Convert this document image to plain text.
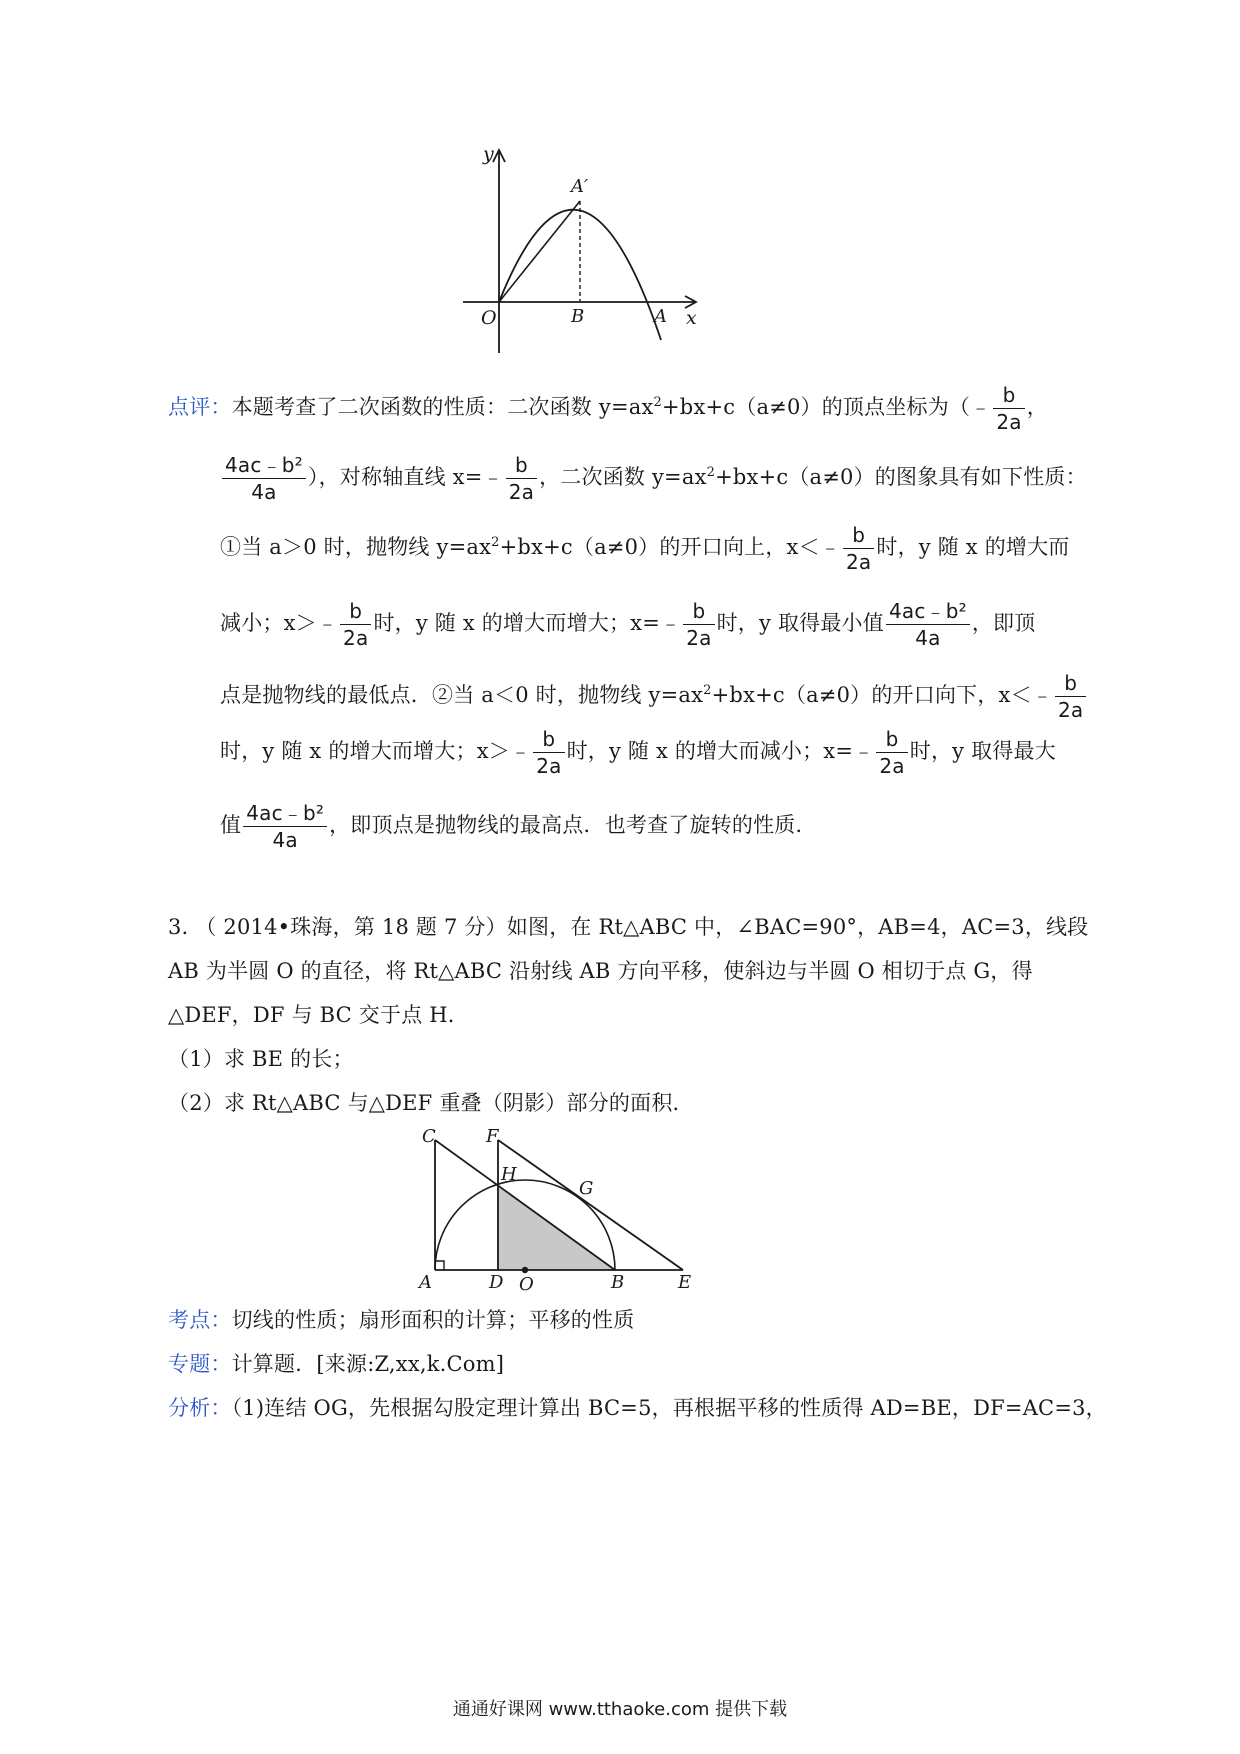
y
A′
O	B	A x
点评：本题考查了二次函数的性质：二次函数 $y=ax^2+bx+c(a\ne 0)$的顶点坐标为（﹣ $\frac{b}{2a}$ ，
$\frac{\text{4ac﹣b²}}{4a}$ ），对称轴直线 x=﹣ $\frac{b}{2a}$ ，二次函数 $y=ax^2+bx+c(a\ne 0)$的图象具有如下性质：
①当 a＞0 时，抛物线 $y=ax^2+bx+c(a\ne 0)$的开口向上，x＜﹣ $\frac{b}{2a}$ 时，y 随 x 的增大而
减小；x＞﹣ $\frac{b}{2a}$ 时，y 随 x 的增大而增大；x=﹣ $\frac{b}{2a}$ 时，y 取得最小值 $\frac{\text{4ac﹣b²}}{4a}$ ，即顶
点是抛物线的最低点．②当 a＜0 时，抛物线 $y=ax^2+bx+c(a\ne 0)$的开口向下，x＜﹣ $\frac{b}{2a}$
时，y 随 x 的增大而增大；x＞﹣ $\frac{b}{2a}$ 时，y 随 x 的增大而减小；x=﹣ $\frac{b}{2a}$ 时，y 取得最大
值 $\frac{\text{4ac﹣b²}}{4a}$ ，即顶点是抛物线的最高点．也考查了旋转的性质．
3. （ 2014•珠海，第 18 题 7 分）如图，在 Rt△ABC 中，∠BAC=90°，AB=4，AC=3，线段
AB 为半圆 O 的直径，将 Rt△ABC 沿射线 AB 方向平移，使斜边与半圆 O 相切于点 G，得
△DEF，DF 与 BC 交于点 H．
（1）求 BE 的长；
（2）求 Rt△ABC 与△DEF 重叠（阴影）部分的面积．
C	F
H
G
A	D O	B	E
考点：切线的性质；扇形面积的计算；平移的性质
专题：计算题．[来源:Z,xx,k.Com]
分析：（1)连结 OG，先根据勾股定理计算出 BC=5，再根据平移的性质得 AD=BE，DF=AC=3，
通通好课网 www.tthaoke.com 提供下载
